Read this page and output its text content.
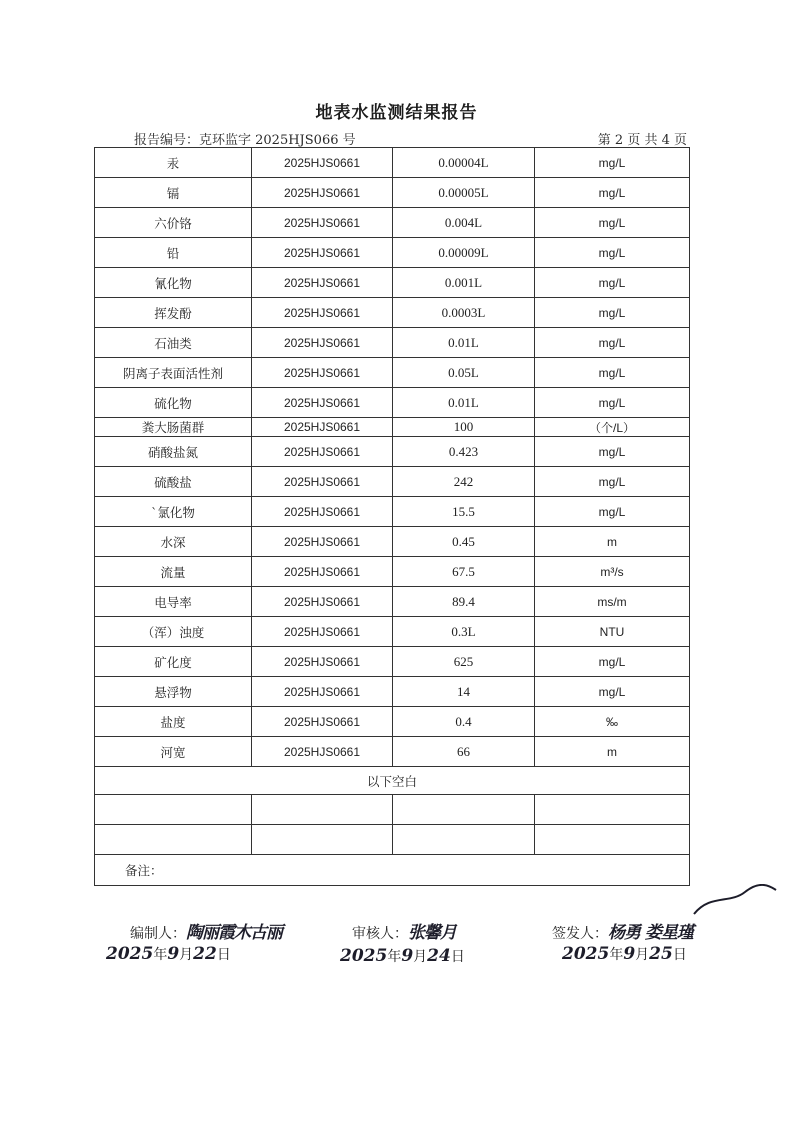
地表水监测结果报告
报告编号：克环监字 2025HJS066 号	第 2 页 共 4 页
汞	2025HJS0661	0.00004L	mg/L
镉	2025HJS0661	0.00005L	mg/L
六价铬	2025HJS0661	0.004L	mg/L
铅	2025HJS0661	0.00009L	mg/L
氰化物	2025HJS0661	0.001L	mg/L
挥发酚	2025HJS0661	0.0003L	mg/L
石油类	2025HJS0661	0.01L	mg/L
阴离子表面活性剂	2025HJS0661	0.05L	mg/L
硫化物	2025HJS0661	0.01L	mg/L
粪大肠菌群	2025HJS0661	100	（个/L）
硝酸盐氮	2025HJS0661	0.423	mg/L
硫酸盐	2025HJS0661	242	mg/L
`氯化物	2025HJS0661	15.5	mg/L
水深	2025HJS0661	0.45	m
流量	2025HJS0661	67.5	m³/s
电导率	2025HJS0661	89.4	ms/m
（浑）浊度	2025HJS0661	0.3L	NTU
矿化度	2025HJS0661	625	mg/L
悬浮物	2025HJS0661	14	mg/L
盐度	2025HJS0661	0.4	‰
河宽	2025HJS0661	66	m
以下空白			

备注：			
编制人：陶丽霞木古丽	审核人：张馨月	签发人：杨勇 娄星瑾
2025年9月22日	2025年9月24日	2025年9月25日
